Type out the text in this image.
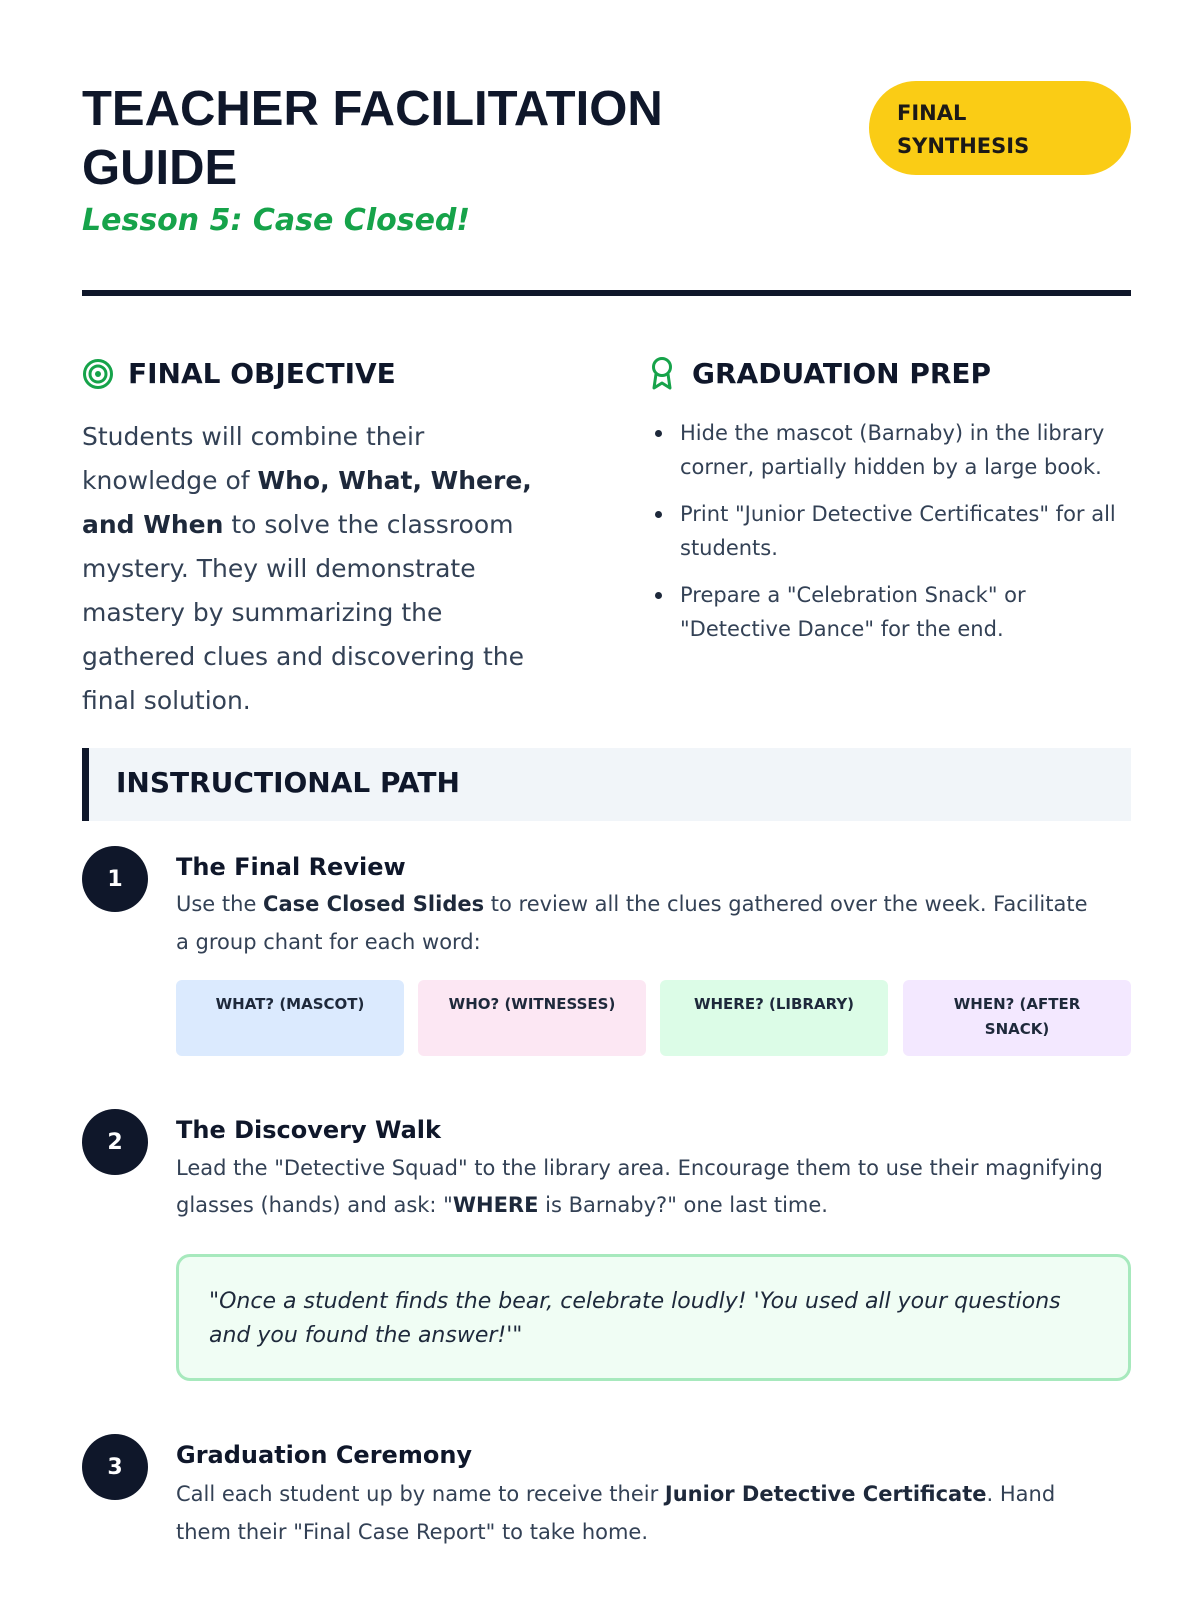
TEACHER FACILITATION GUIDE
Lesson 5: Case Closed!
FINAL
SYNTHESIS
FINAL OBJECTIVE
Students will combine their knowledge of Who, What, Where, and When to solve the classroom mystery. They will demonstrate mastery by summarizing the gathered clues and discovering the final solution.
GRADUATION PREP
Hide the mascot (Barnaby) in the library corner, partially hidden by a large book.
Print "Junior Detective Certificates" for all students.
Prepare a "Celebration Snack" or "Detective Dance" for the end.
INSTRUCTIONAL PATH
1	The Final Review
Use the Case Closed Slides to review all the clues gathered over the week. Facilitate a group chant for each word:
WHAT? (MASCOT)	WHO? (WITNESSES)	WHERE? (LIBRARY)	WHEN? (AFTER SNACK)
2	The Discovery Walk
Lead the "Detective Squad" to the library area. Encourage them to use their magnifying glasses (hands) and ask: "WHERE is Barnaby?" one last time.
"Once a student finds the bear, celebrate loudly! 'You used all your questions and you found the answer!'"
3	Graduation Ceremony
Call each student up by name to receive their Junior Detective Certificate. Hand them their "Final Case Report" to take home.
